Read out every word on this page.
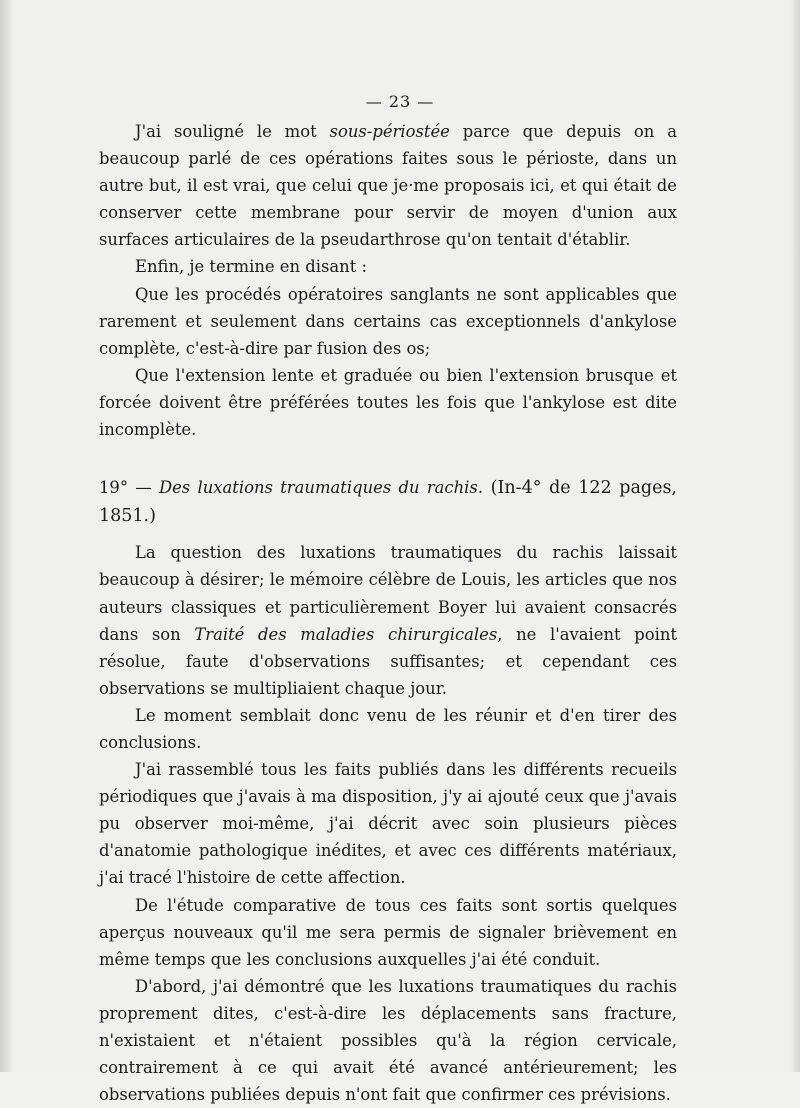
— 23 —

J'ai souligné le mot sous-périostée parce que depuis on a beaucoup parlé de ces opérations faites sous le périoste, dans un autre but, il est vrai, que celui que je·me proposais ici, et qui était de conserver cette membrane pour servir de moyen d'union aux surfaces articulaires de la pseudarthrose qu'on tentait d'établir.

Enfin, je termine en disant :

Que les procédés opératoires sanglants ne sont applicables que rarement et seulement dans certains cas exceptionnels d'ankylose complète, c'est-à-dire par fusion des os;

Que l'extension lente et graduée ou bien l'extension brusque et forcée doivent être préférées toutes les fois que l'ankylose est dite incomplète.

19° — Des luxations traumatiques du rachis. (In-4° de 122 pages, 1851.)

La question des luxations traumatiques du rachis laissait beaucoup à désirer; le mémoire célèbre de Louis, les articles que nos auteurs classiques et particulièrement Boyer lui avaient consacrés dans son Traité des maladies chirurgicales, ne l'avaient point résolue, faute d'observations suffisantes; et cependant ces observations se multipliaient chaque jour.

Le moment semblait donc venu de les réunir et d'en tirer des conclusions.

J'ai rassemblé tous les faits publiés dans les différents recueils périodiques que j'avais à ma disposition, j'y ai ajouté ceux que j'avais pu observer moi-même, j'ai décrit avec soin plusieurs pièces d'anatomie pathologique inédites, et avec ces différents matériaux, j'ai tracé l'histoire de cette affection.

De l'étude comparative de tous ces faits sont sortis quelques aperçus nouveaux qu'il me sera permis de signaler brièvement en même temps que les conclusions auxquelles j'ai été conduit.

D'abord, j'ai démontré que les luxations traumatiques du rachis proprement dites, c'est-à-dire les déplacements sans fracture, n'existaient et n'étaient possibles qu'à la région cervicale, contrairement à ce qui avait été avancé antérieurement; les observations publiées depuis n'ont fait que confirmer ces prévisions.
